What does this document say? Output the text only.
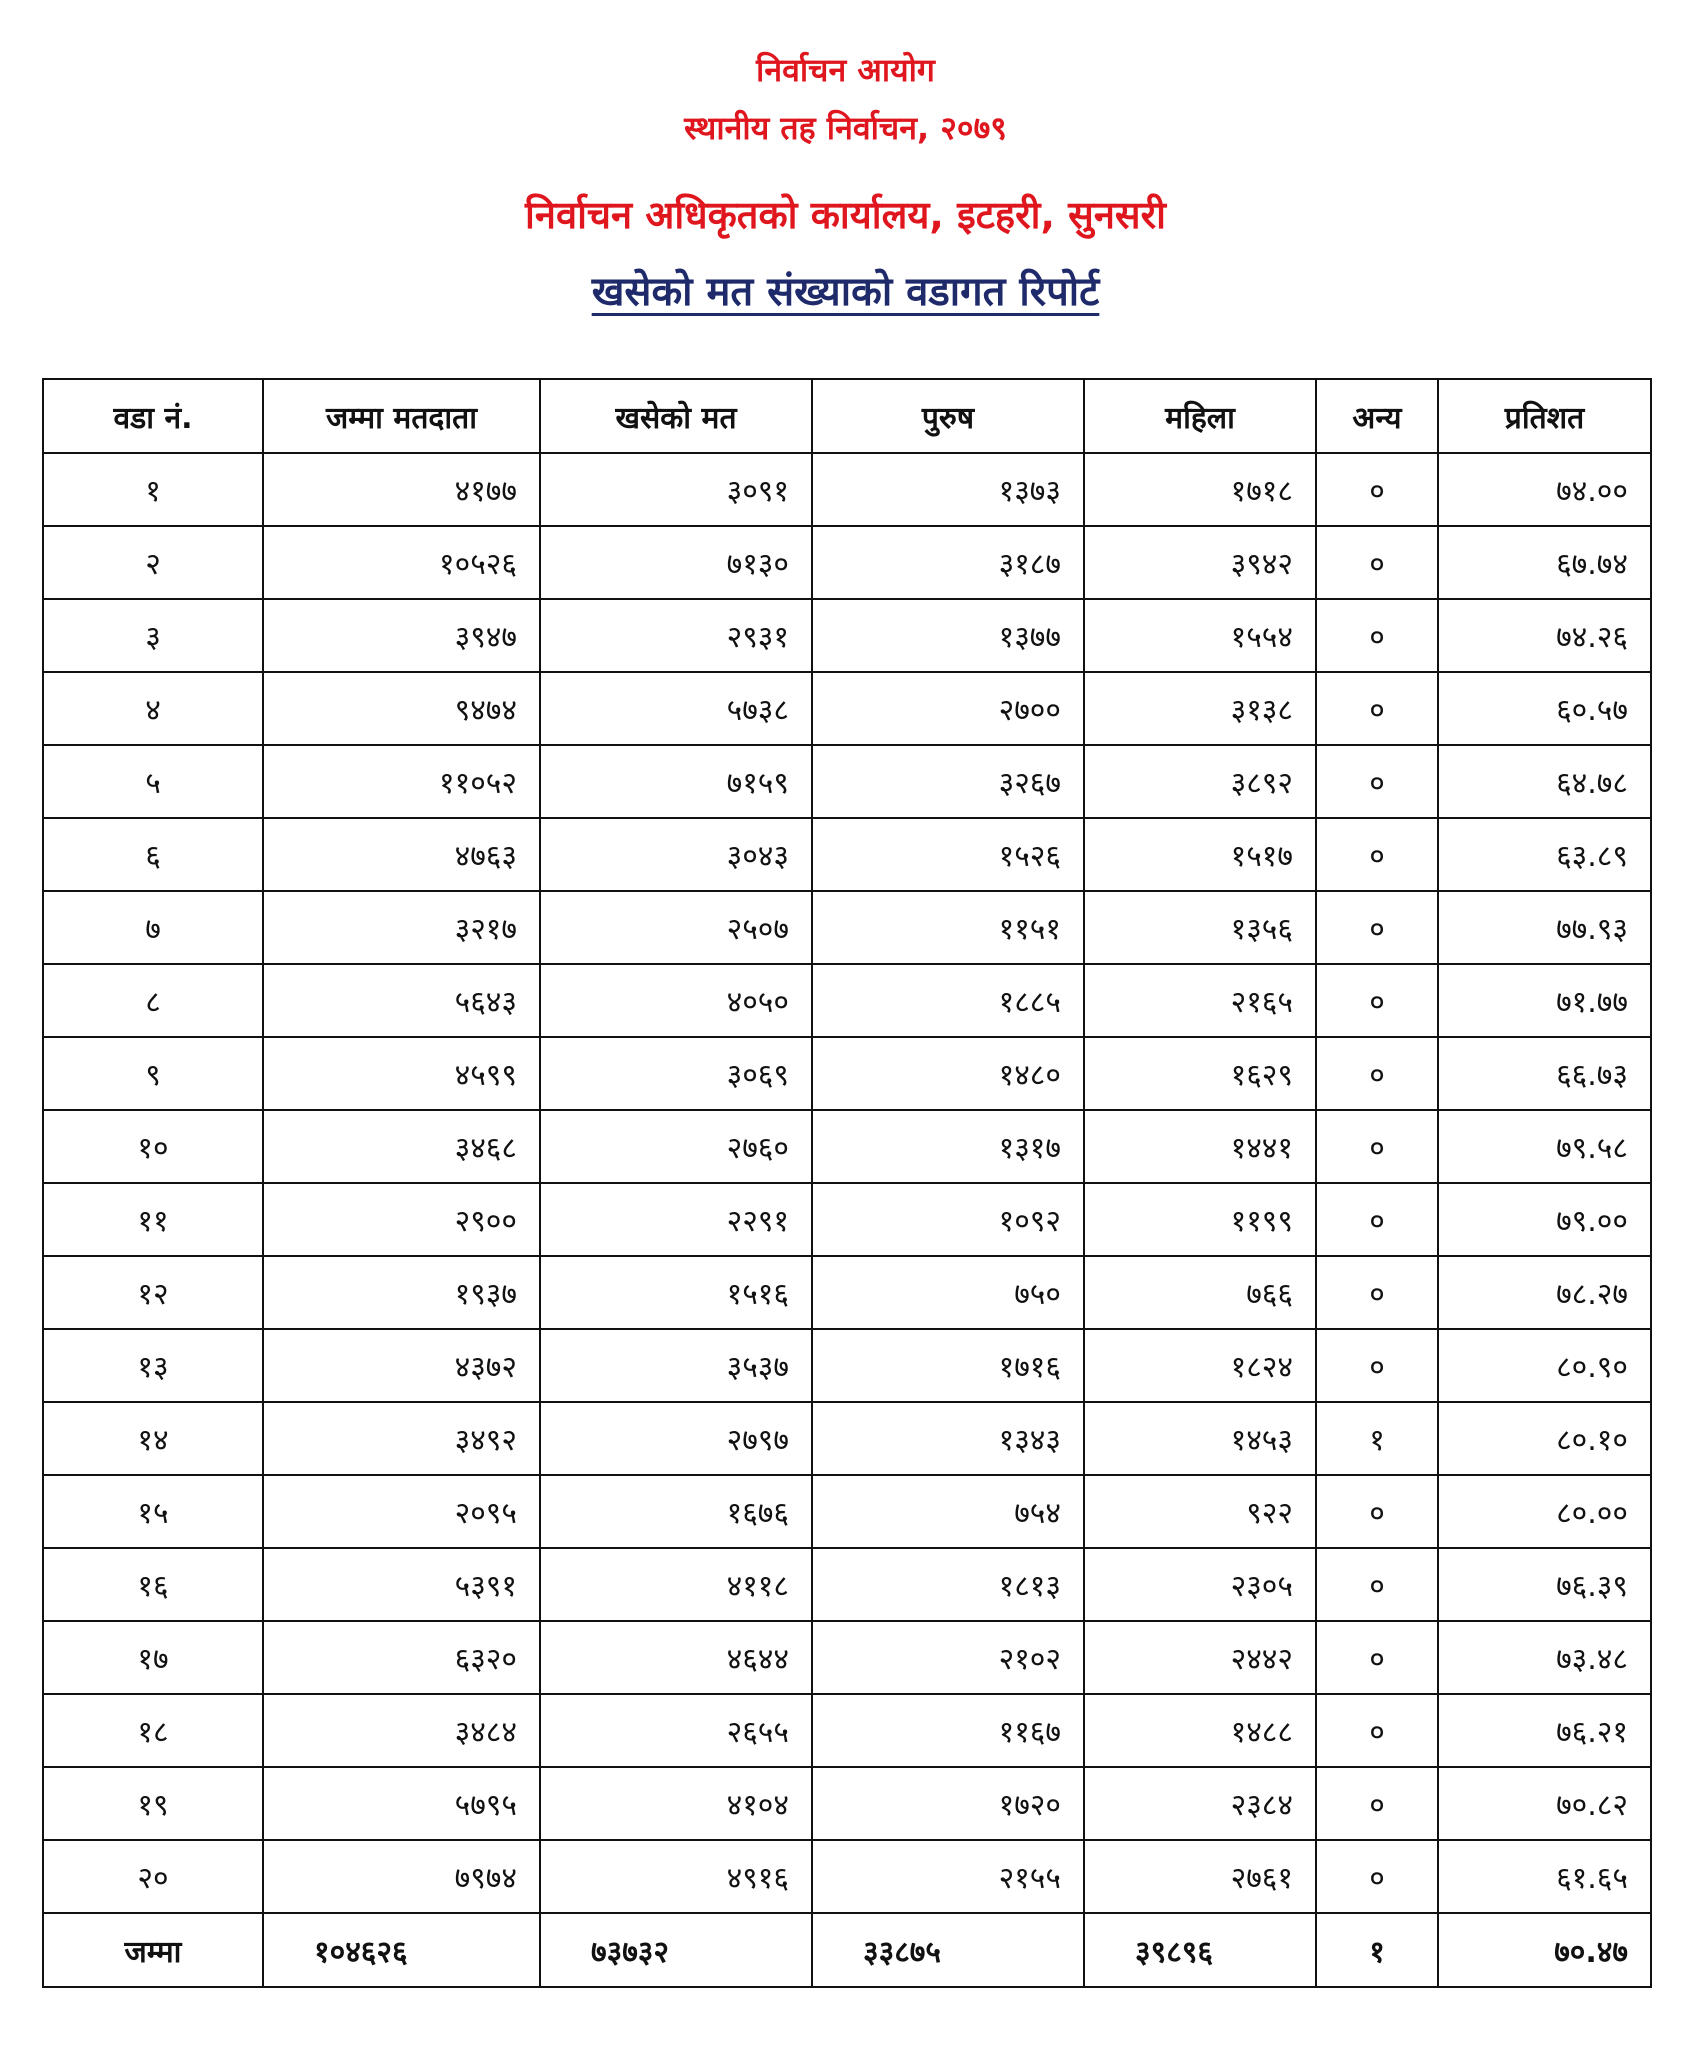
निर्वाचन आयोग
स्थानीय तह निर्वाचन, २०७९
निर्वाचन अधिकृतको कार्यालय, इटहरी, सुनसरी
खसेको मत संख्याको वडागत रिपोर्ट
वडा नं.	जम्मा मतदाता	खसेको मत	पुरुष	महिला	अन्य	प्रतिशत
१	४१७७	३०९१	१३७३	१७१८	०	७४.००
२	१०५२६	७१३०	३१८७	३९४२	०	६७.७४
३	३९४७	२९३१	१३७७	१५५४	०	७४.२६
४	९४७४	५७३८	२७००	३१३८	०	६०.५७
५	११०५२	७१५९	३२६७	३८९२	०	६४.७८
६	४७६३	३०४३	१५२६	१५१७	०	६३.८९
७	३२१७	२५०७	११५१	१३५६	०	७७.९३
८	५६४३	४०५०	१८८५	२१६५	०	७१.७७
९	४५९९	३०६९	१४८०	१६२९	०	६६.७३
१०	३४६८	२७६०	१३१७	१४४१	०	७९.५८
११	२९००	२२९१	१०९२	११९९	०	७९.००
१२	१९३७	१५१६	७५०	७६६	०	७८.२७
१३	४३७२	३५३७	१७१६	१८२४	०	८०.९०
१४	३४९२	२७९७	१३४३	१४५३	१	८०.१०
१५	२०९५	१६७६	७५४	९२२	०	८०.००
१६	५३९१	४११८	१८१३	२३०५	०	७६.३९
१७	६३२०	४६४४	२१०२	२४४२	०	७३.४८
१८	३४८४	२६५५	११६७	१४८८	०	७६.२१
१९	५७९५	४१०४	१७२०	२३८४	०	७०.८२
२०	७९७४	४९१६	२१५५	२७६१	०	६१.६५
जम्मा	१०४६२६	७३७३२	३३८७५	३९८९६	१	७०.४७
